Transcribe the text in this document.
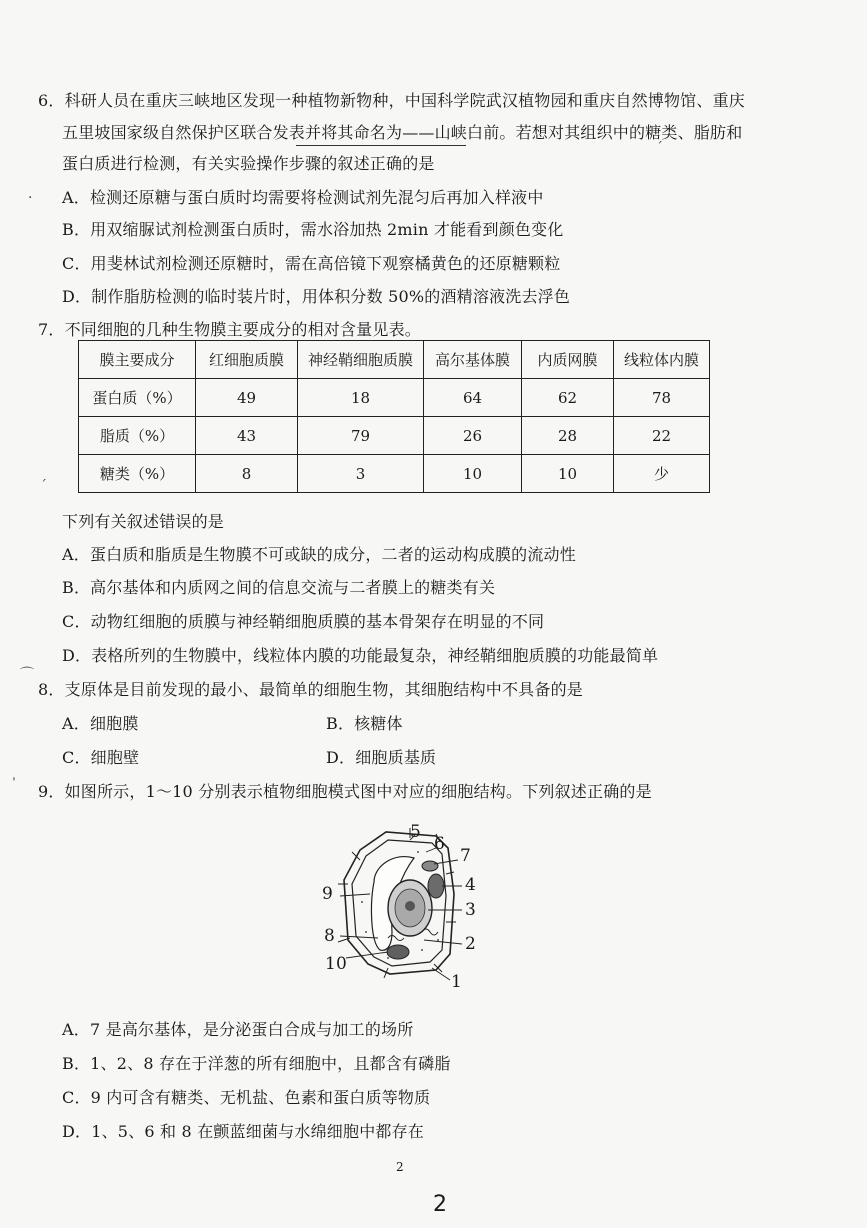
6．科研人员在重庆三峡地区发现一种植物新物种，中国科学院武汉植物园和重庆自然博物馆、重庆
五里坡国家级自然保护区联合发表并将其命名为——山峡白前。若想对其组织中的糖类、脂肪和
蛋白质进行检测，有关实验操作步骤的叙述正确的是
A．检测还原糖与蛋白质时均需要将检测试剂先混匀后再加入样液中
B．用双缩脲试剂检测蛋白质时，需水浴加热 2min 才能看到颜色变化
C．用斐林试剂检测还原糖时，需在高倍镜下观察橘黄色的还原糖颗粒
D．制作脂肪检测的临时装片时，用体积分数 50%的酒精溶液洗去浮色
7．不同细胞的几种生物膜主要成分的相对含量见表。
膜主要成分	红细胞质膜	神经鞘细胞质膜	高尔基体膜	内质网膜	线粒体内膜
蛋白质（%）	49	18	64	62	78
脂质（%）	43	79	26	28	22
糖类（%）	8	3	10	10	少
下列有关叙述错误的是
A．蛋白质和脂质是生物膜不可或缺的成分，二者的运动构成膜的流动性
B．高尔基体和内质网之间的信息交流与二者膜上的糖类有关
C．动物红细胞的质膜与神经鞘细胞质膜的基本骨架存在明显的不同
D．表格所列的生物膜中，线粒体内膜的功能最复杂，神经鞘细胞质膜的功能最简单
8．支原体是目前发现的最小、最简单的细胞生物，其细胞结构中不具备的是
A．细胞膜	B．核糖体
C．细胞壁	D．细胞质基质
9．如图所示，1～10 分别表示植物细胞模式图中对应的细胞结构。下列叙述正确的是
5
6
7
4
3
2
1
9
8
10
A．7 是高尔基体，是分泌蛋白合成与加工的场所
B．1、2、8 存在于洋葱的所有细胞中，且都含有磷脂
C．9 内可含有糖类、无机盐、色素和蛋白质等物质
D．1、5、6 和 8 在颤蓝细菌与水绵细胞中都存在
·
ˊ
⌒
ˈ
ˊ
2
2
